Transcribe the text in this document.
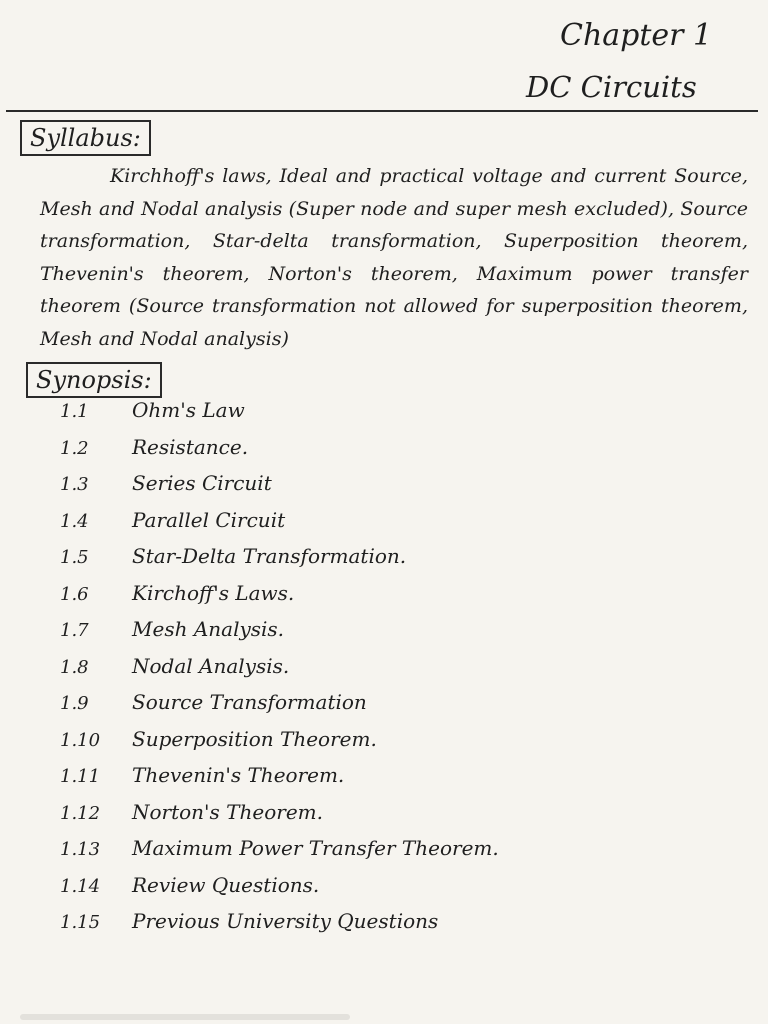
Chapter 1
DC Circuits
Syllabus:

Kirchhoff's laws, Ideal and practical voltage and current Source, Mesh and Nodal analysis (Super node and super mesh excluded), Source transformation, Star-delta transformation, Superposition theorem, Thevenin's theorem, Norton's theorem, Maximum power transfer theorem (Source transformation not allowed for superposition theorem, Mesh and Nodal analysis)

Synopsis:
1.1	Ohm's Law
1.2	Resistance.
1.3	Series Circuit
1.4	Parallel Circuit
1.5	Star-Delta Transformation.
1.6	Kirchoff's Laws.
1.7	Mesh Analysis.
1.8	Nodal Analysis.
1.9	Source Transformation
1.10	Superposition Theorem.
1.11	Thevenin's Theorem.
1.12	Norton's Theorem.
1.13	Maximum Power Transfer Theorem.
1.14	Review Questions.
1.15	Previous University Questions
